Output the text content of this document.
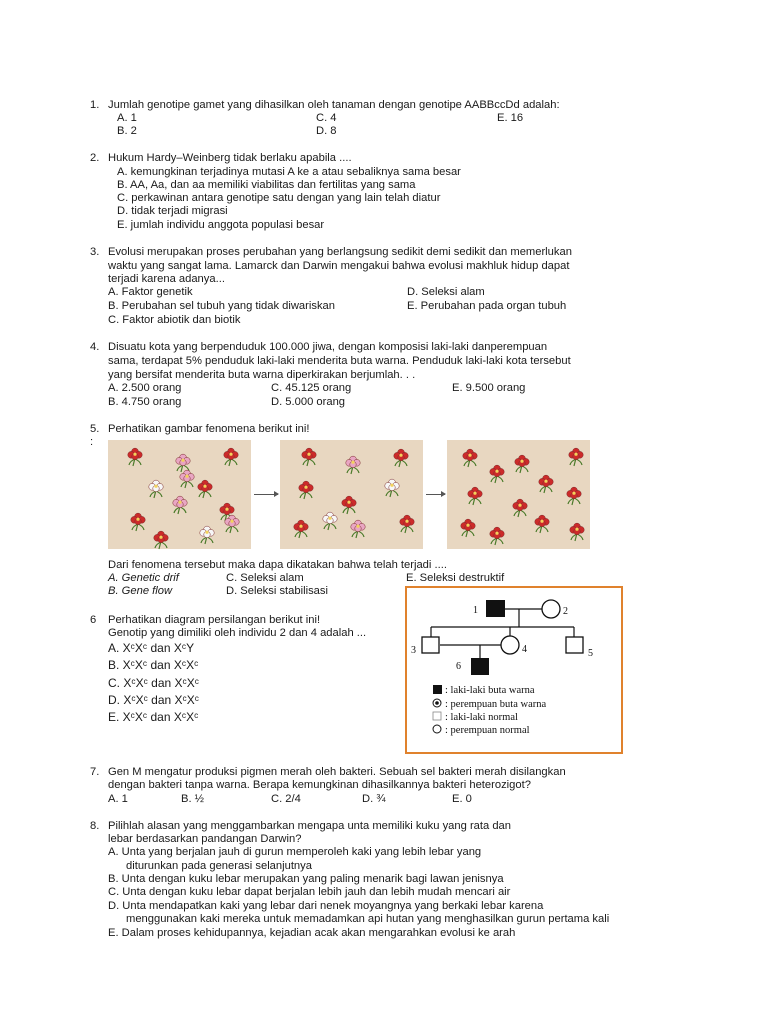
1. Jumlah genotipe gamet yang dihasilkan oleh tanaman dengan genotipe AABBccDd adalah:
A. 1
B. 2
C. 4
D. 8
E. 16
2. Hukum Hardy–Weinberg tidak berlaku apabila ....
A. kemungkinan terjadinya mutasi A ke a atau sebaliknya sama besar
B. AA, Aa, dan aa memiliki viabilitas dan fertilitas yang sama
C. perkawinan antara genotipe satu dengan yang lain telah diatur
D. tidak terjadi migrasi
E. jumlah individu anggota populasi besar
3. Evolusi merupakan proses perubahan yang berlangsung sedikit demi sedikit dan memerlukan
waktu yang sangat lama. Lamarck dan Darwin mengakui bahwa evolusi makhluk hidup dapat
terjadi karena adanya...
A. Faktor genetik
B. Perubahan sel tubuh yang tidak diwariskan
C. Faktor abiotik dan biotik
D. Seleksi alam
E. Perubahan pada organ tubuh
4. Disuatu kota yang berpenduduk 100.000 jiwa, dengan komposisi laki-laki danperempuan
sama, terdapat 5% penduduk laki-laki menderita buta warna. Penduduk laki-laki kota tersebut
yang bersifat menderita buta warna diperkirakan berjumlah. . .
A. 2.500 orang
B. 4.750 orang
C. 45.125 orang
D. 5.000 orang
E. 9.500 orang
5. Perhatikan gambar fenomena berikut ini!
:
Dari fenomena tersebut maka dapa dikatakan bahwa telah terjadi ....
A. Genetic drif
B. Gene flow
C. Seleksi alam
D. Seleksi stabilisasi
E. Seleksi destruktif
6 Perhatikan diagram persilangan berikut ini!
Genotip yang dimiliki oleh individu 2 dan 4 adalah ...
A. XᶜXᶜ dan XᶜY
B. XᶜXᶜ dan XᶜXᶜ
C. XᶜXᶜ dan XᶜXᶜ
D. XᶜXᶜ dan XᶜXᶜ
E. XᶜXᶜ dan XᶜXᶜ
1	2
3	4	5
6
: laki-laki buta warna
: perempuan buta warna
: laki-laki normal
: perempuan normal
7. Gen M mengatur produksi pigmen merah oleh bakteri. Sebuah sel bakteri merah disilangkan
dengan bakteri tanpa warna. Berapa kemungkinan dihasilkannya bakteri heterozigot?
A. 1	B. ½	C. 2/4	D. ¾	E. 0
8. Pilihlah alasan yang menggambarkan mengapa unta memiliki kuku yang rata dan
lebar berdasarkan pandangan Darwin?
A. Unta yang berjalan jauh di gurun memperoleh kaki yang lebih lebar yang
diturunkan pada generasi selanjutnya
B. Unta dengan kuku lebar merupakan yang paling menarik bagi lawan jenisnya
C. Unta dengan kuku lebar dapat berjalan lebih jauh dan lebih mudah mencari air
D. Unta mendapatkan kaki yang lebar dari nenek moyangnya yang berkaki lebar karena
menggunakan kaki mereka untuk memadamkan api hutan yang menghasilkan gurun pertama kali
E. Dalam proses kehidupannya, kejadian acak akan mengarahkan evolusi ke arah
